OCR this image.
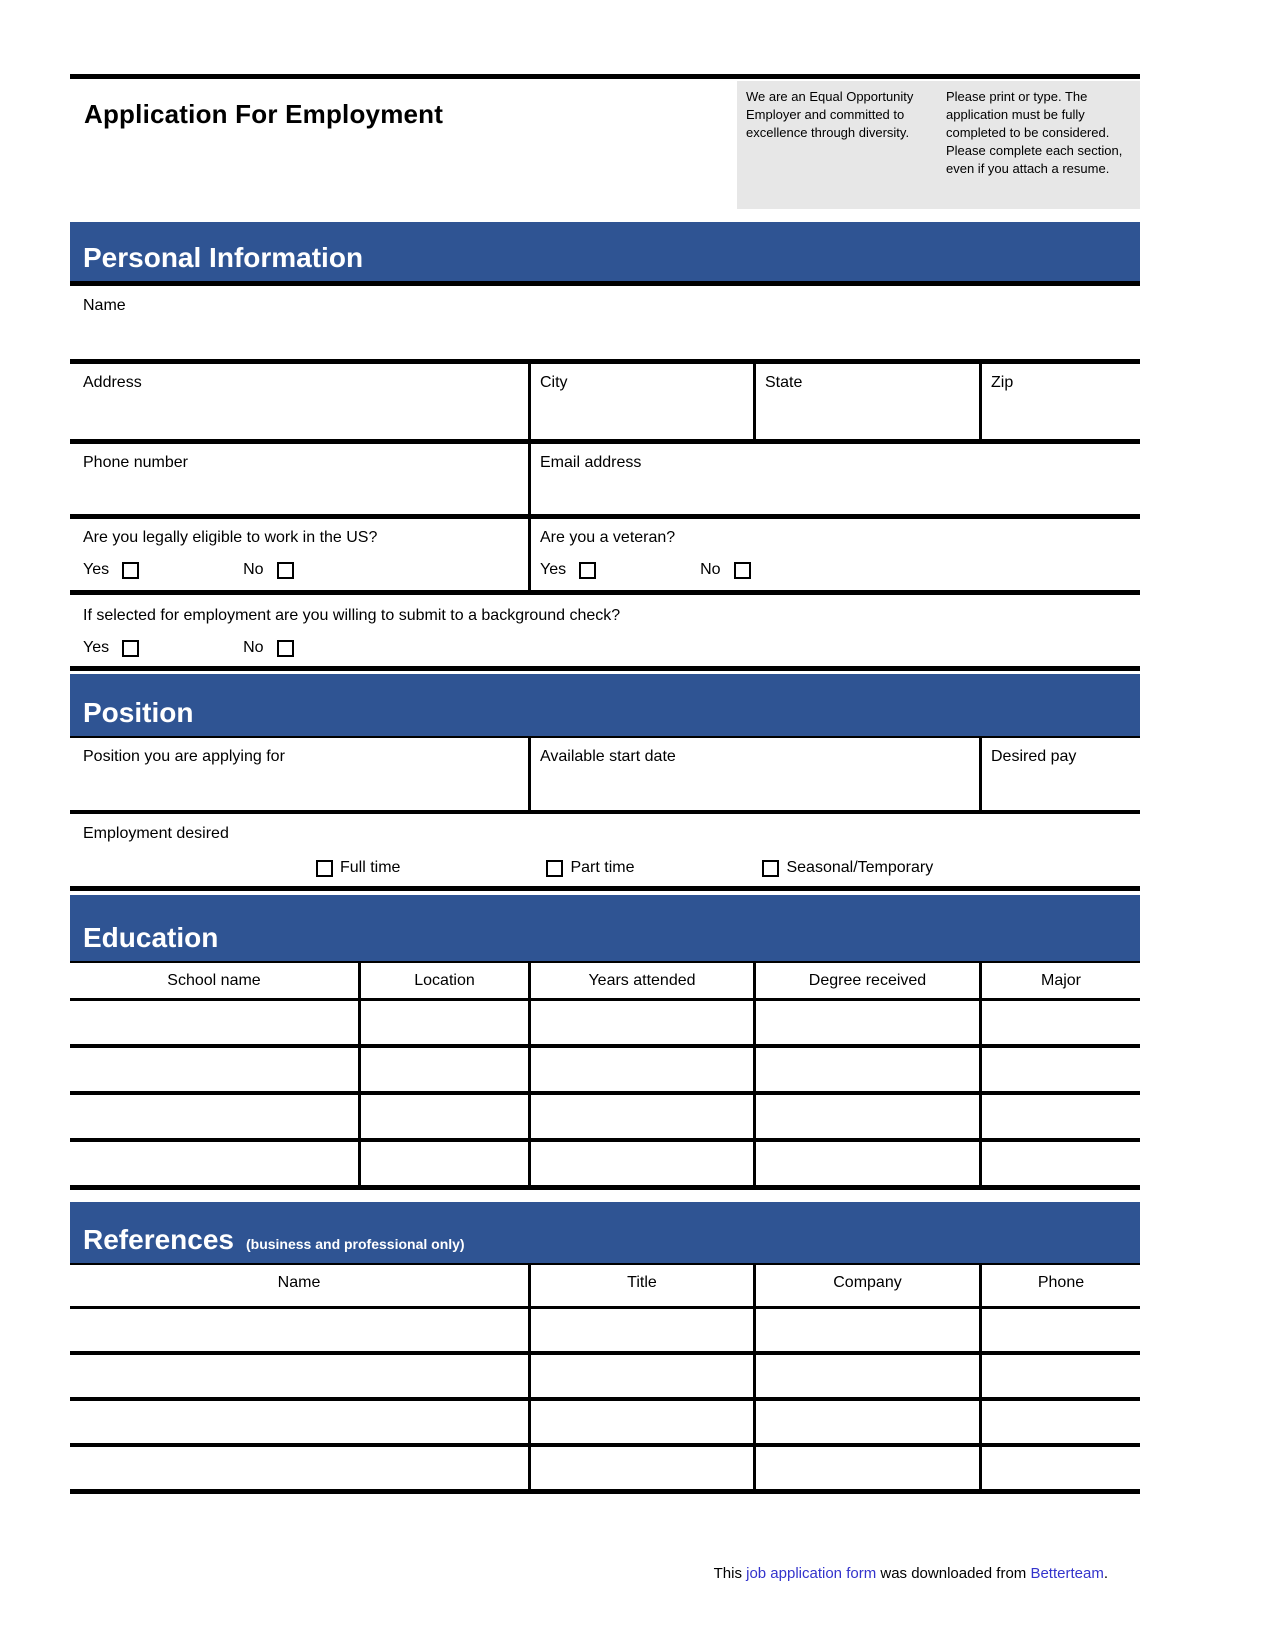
Application For Employment

We are an Equal Opportunity Employer and committed to excellence through diversity.

Please print or type. The application must be fully completed to be considered. Please complete each section, even if you attach a resume.

Personal Information
Name
Address	City	State	Zip
Phone number	Email address
Are you legally eligible to work in the US?
Yes	No
Are you a veteran?
Yes	No
If selected for employment are you willing to submit to a background check?
Yes	No
Position
Position you are applying for	Available start date	Desired pay
Employment desired
Full time	Part time	Seasonal/Temporary
Education
School name	Location	Years attended	Degree received	Major
References (business and professional only)
Name	Title	Company	Phone
This job application form was downloaded from Betterteam.
